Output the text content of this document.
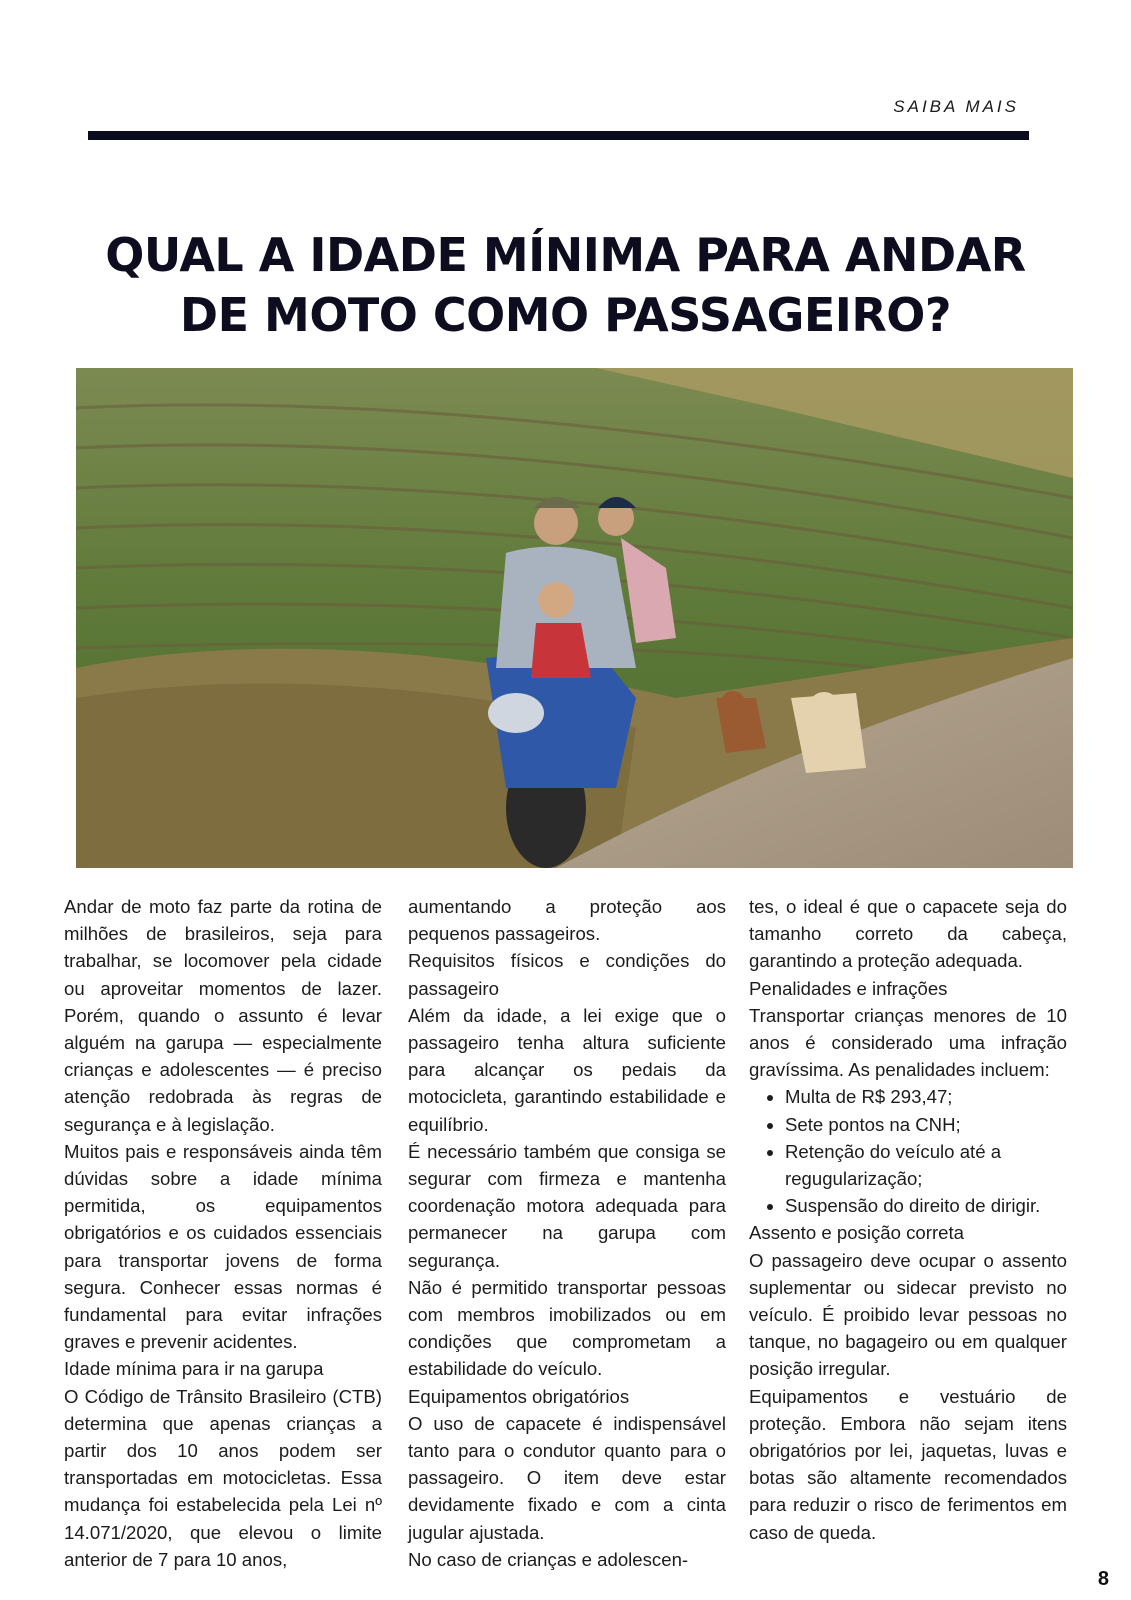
SAIBA MAIS
QUAL A IDADE MÍNIMA PARA ANDAR
DE MOTO COMO PASSAGEIRO?

Andar de moto faz parte da rotina de milhões de brasileiros, seja para trabalhar, se locomover pela cidade ou aproveitar momentos de lazer. Porém, quando o assunto é levar alguém na garupa — especialmente crianças e adolescentes — é preciso atenção redobrada às regras de segurança e à legislação.

Muitos pais e responsáveis ainda têm dúvidas sobre a idade mínima permitida, os equipamentos obrigatórios e os cuidados essenciais para transportar jovens de forma segura. Conhecer essas normas é fundamental para evitar infrações graves e prevenir acidentes.

Idade mínima para ir na garupa

O Código de Trânsito Brasileiro (CTB) determina que apenas crianças a partir dos 10 anos podem ser transportadas em motocicletas. Essa mudança foi estabelecida pela Lei nº 14.071/2020, que elevou o limite anterior de 7 para 10 anos,

aumentando a proteção aos pequenos passageiros.

Requisitos físicos e condições do passageiro

Além da idade, a lei exige que o passageiro tenha altura suficiente para alcançar os pedais da motocicleta, garantindo estabilidade e equilíbrio.

É necessário também que consiga se segurar com firmeza e mantenha coordenação motora adequada para permanecer na garupa com segurança.

Não é permitido transportar pessoas com membros imobilizados ou em condições que comprometam a estabilidade do veículo.

Equipamentos obrigatórios

O uso de capacete é indispensável tanto para o condutor quanto para o passageiro. O item deve estar devidamente fixado e com a cinta jugular ajustada.

No caso de crianças e adolescen-

tes, o ideal é que o capacete seja do tamanho correto da cabeça, garantindo a proteção adequada.

Penalidades e infrações

Transportar crianças menores de 10 anos é considerado uma infração gravíssima. As penalidades incluem:

• Multa de R$ 293,47;
• Sete pontos na CNH;
• Retenção do veículo até a regugularização;
• Suspensão do direito de dirigir.

Assento e posição correta

O passageiro deve ocupar o assento suplementar ou sidecar previsto no veículo. É proibido levar pessoas no tanque, no bagageiro ou em qualquer posição irregular.

Equipamentos e vestuário de proteção. Embora não sejam itens obrigatórios por lei, jaquetas, luvas e botas são altamente recomendados para reduzir o risco de ferimentos em caso de queda.

8
